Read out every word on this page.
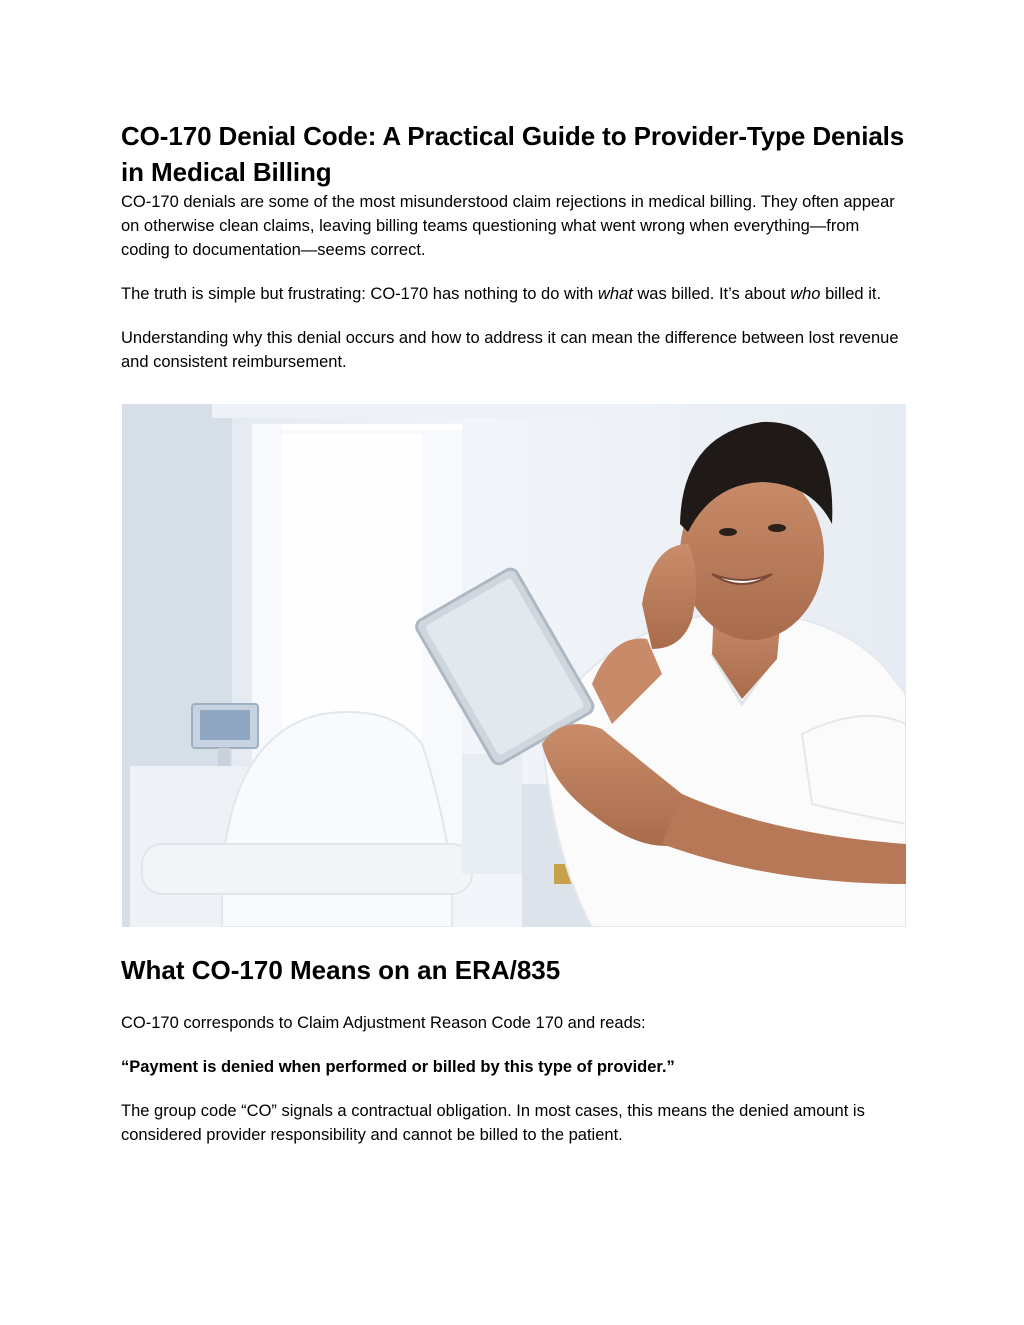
CO-170 Denial Code: A Practical Guide to Provider-Type Denials in Medical Billing

CO-170 denials are some of the most misunderstood claim rejections in medical billing. They often appear on otherwise clean claims, leaving billing teams questioning what went wrong when everything—from coding to documentation—seems correct.

The truth is simple but frustrating: CO-170 has nothing to do with what was billed. It’s about who billed it.

Understanding why this denial occurs and how to address it can mean the difference between lost revenue and consistent reimbursement.

What CO-170 Means on an ERA/835

CO-170 corresponds to Claim Adjustment Reason Code 170 and reads:

“Payment is denied when performed or billed by this type of provider.”

The group code “CO” signals a contractual obligation. In most cases, this means the denied amount is considered provider responsibility and cannot be billed to the patient.
